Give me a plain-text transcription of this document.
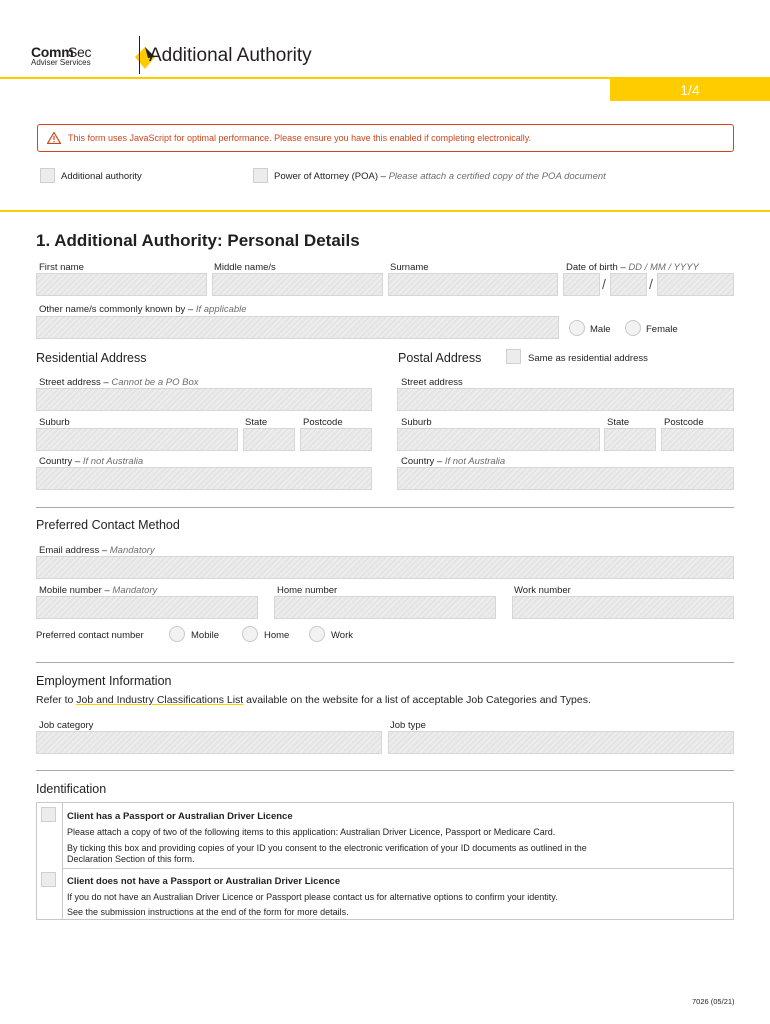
Comm
Sec
Adviser Services	Additional Authority
1/4
This form uses JavaScript for optimal performance. Please ensure you have this enabled if completing electronically.
Additional authority	Power of Attorney (POA) – Please attach a certified copy of the POA document
1. Additional Authority: Personal Details
First name	Middle name/s	Surname	Date of birth – DD / MM / YYYY
/	/
Other name/s commonly known by – If applicable
Male	Female
Residential Address
Street address – Cannot be a PO Box
Suburb	State	Postcode
Country – If not Australia
Postal Address	Same as residential address
Street address
Suburb	State	Postcode
Country – If not Australia
Preferred Contact Method
Email address – Mandatory
Mobile number – Mandatory	Home number	Work number
Preferred contact number	Mobile	Home	Work
Employment Information
Refer to Job and Industry Classifications List available on the website for a list of acceptable Job Categories and Types.
Job category	Job type
Identification
Client has a Passport or Australian Driver Licence
Please attach a copy of two of the following items to this application: Australian Driver Licence, Passport or Medicare Card.
By ticking this box and providing copies of your ID you consent to the electronic verification of your ID documents as outlined in the
Declaration Section of this form.
Client does not have a Passport or Australian Driver Licence
If you do not have an Australian Driver Licence or Passport please contact us for alternative options to confirm your identity.
See the submission instructions at the end of the form for more details.
7026 (05/21)
